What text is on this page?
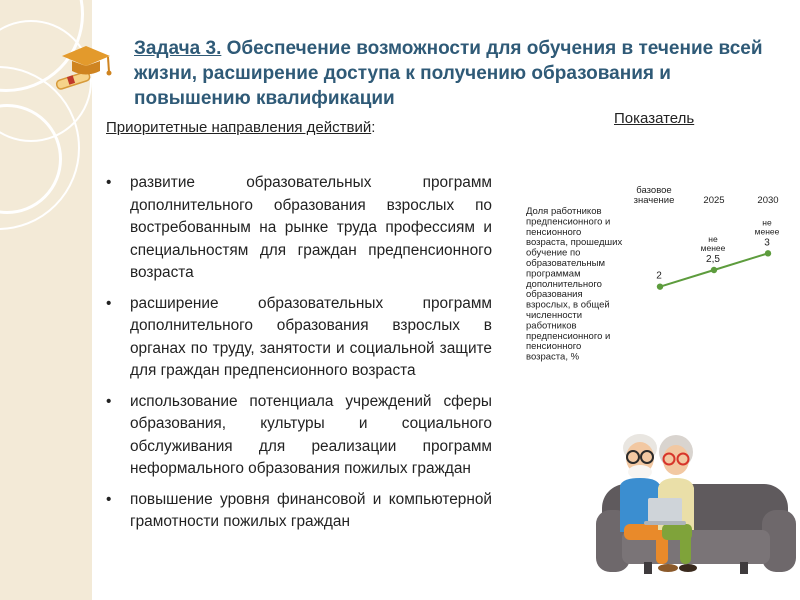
Задача 3. Обеспечение возможности для обучения в течение всей жизни, расширение доступа к получению образования и повышению квалификации
Приоритетные направления действий:
• развитие образовательных программ дополнительного образования взрослых по востребованным на рынке труда профессиям и специальностям для граждан предпенсионного возраста
• расширение образовательных программ дополнительного образования взрослых в органах по труду, занятости и социальной защите для граждан предпенсионного возраста
• использование потенциала учреждений сферы образования, культуры и социального обслуживания для реализации программ неформального образования пожилых граждан
• повышение уровня финансовой и компьютерной грамотности пожилых граждан
Показатель
Доля работников
предпенсионного и
пенсионного
возраста, прошедших
обучение по
образовательным
программам
дополнительного
образования
взрослых, в общей
численности
работников
предпенсионного и
пенсионного
возраста, %
базовое
значение	2025	2030
2
2,5
не
менее	3
не
менее
